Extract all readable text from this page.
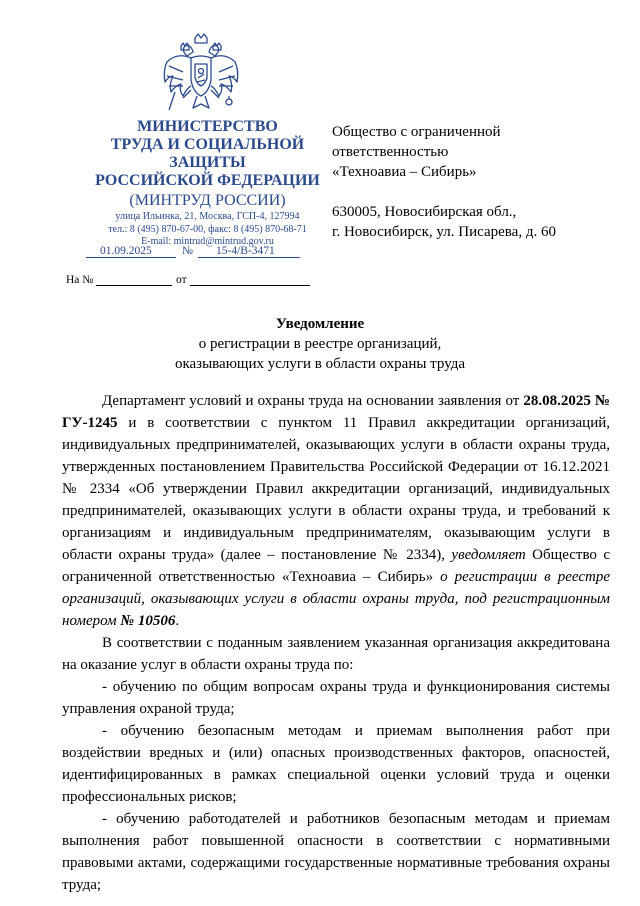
МИНИСТЕРСТВО
ТРУДА И СОЦИАЛЬНОЙ
ЗАЩИТЫ
РОССИЙСКОЙ ФЕДЕРАЦИИ
(МИНТРУД РОССИИ)
улица Ильинка, 21, Москва, ГСП-4, 127994
тел.: 8 (495) 870-67-00, факс: 8 (495) 870-68-71
E-mail: mintrud@mintrud.gov.ru
01.09.2025	№ 15-4/В-3471
На №	от
Общество с ограниченной
ответственностью
«Техноавиа – Сибирь»
630005, Новосибирская обл.,
г. Новосибирск, ул. Писарева, д. 60
Уведомление
о регистрации в реестре организаций,
оказывающих услуги в области охраны труда

Департамент условий и охраны труда на основании заявления от 28.08.2025 № ГУ-1245 и в соответствии с пунктом 11 Правил аккредитации организаций, индивидуальных предпринимателей, оказывающих услуги в области охраны труда, утвержденных постановлением Правительства Российской Федерации от 16.12.2021 № 2334 «Об утверждении Правил аккредитации организаций, индивидуальных предпринимателей, оказывающих услуги в области охраны труда, и требований к организациям и индивидуальным предпринимателям, оказывающим услуги в области охраны труда» (далее – постановление № 2334), уведомляет Общество с ограниченной ответственностью «Техноавиа – Сибирь» о регистрации в реестре организаций, оказывающих услуги в области охраны труда, под регистрационным номером № 10506.

В соответствии с поданным заявлением указанная организация аккредитована на оказание услуг в области охраны труда по:

- обучению по общим вопросам охраны труда и функционирования системы управления охраной труда;

- обучению безопасным методам и приемам выполнения работ при воздействии вредных и (или) опасных производственных факторов, опасностей, идентифицированных в рамках специальной оценки условий труда и оценки профессиональных рисков;

- обучению работодателей и работников безопасным методам и приемам выполнения работ повышенной опасности в соответствии с нормативными правовыми актами, содержащими государственные нормативные требования охраны труда;
